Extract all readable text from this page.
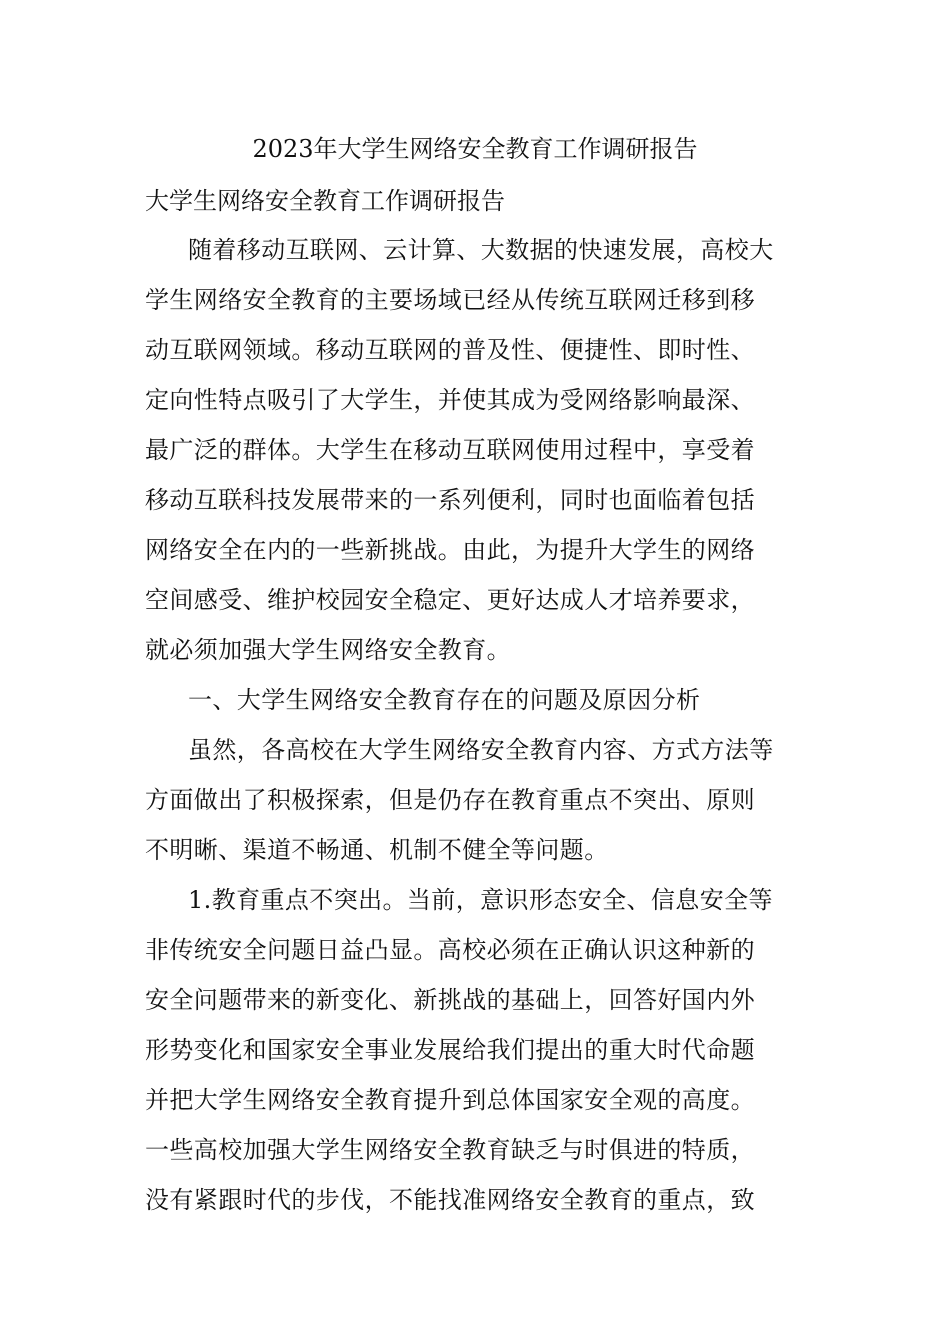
2023年大学生网络安全教育工作调研报告
大学生网络安全教育工作调研报告
随着移动互联网、云计算、大数据的快速发展，高校大
学生网络安全教育的主要场域已经从传统互联网迁移到移
动互联网领域。移动互联网的普及性、便捷性、即时性、
定向性特点吸引了大学生，并使其成为受网络影响最深、
最广泛的群体。大学生在移动互联网使用过程中，享受着
移动互联科技发展带来的一系列便利，同时也面临着包括
网络安全在内的一些新挑战。由此，为提升大学生的网络
空间感受、维护校园安全稳定、更好达成人才培养要求，
就必须加强大学生网络安全教育。
一、大学生网络安全教育存在的问题及原因分析
虽然，各高校在大学生网络安全教育内容、方式方法等
方面做出了积极探索，但是仍存在教育重点不突出、原则
不明晰、渠道不畅通、机制不健全等问题。
1.教育重点不突出。当前，意识形态安全、信息安全等
非传统安全问题日益凸显。高校必须在正确认识这种新的
安全问题带来的新变化、新挑战的基础上，回答好国内外
形势变化和国家安全事业发展给我们提出的重大时代命题
并把大学生网络安全教育提升到总体国家安全观的高度。
一些高校加强大学生网络安全教育缺乏与时俱进的特质，
没有紧跟时代的步伐，不能找准网络安全教育的重点，致
